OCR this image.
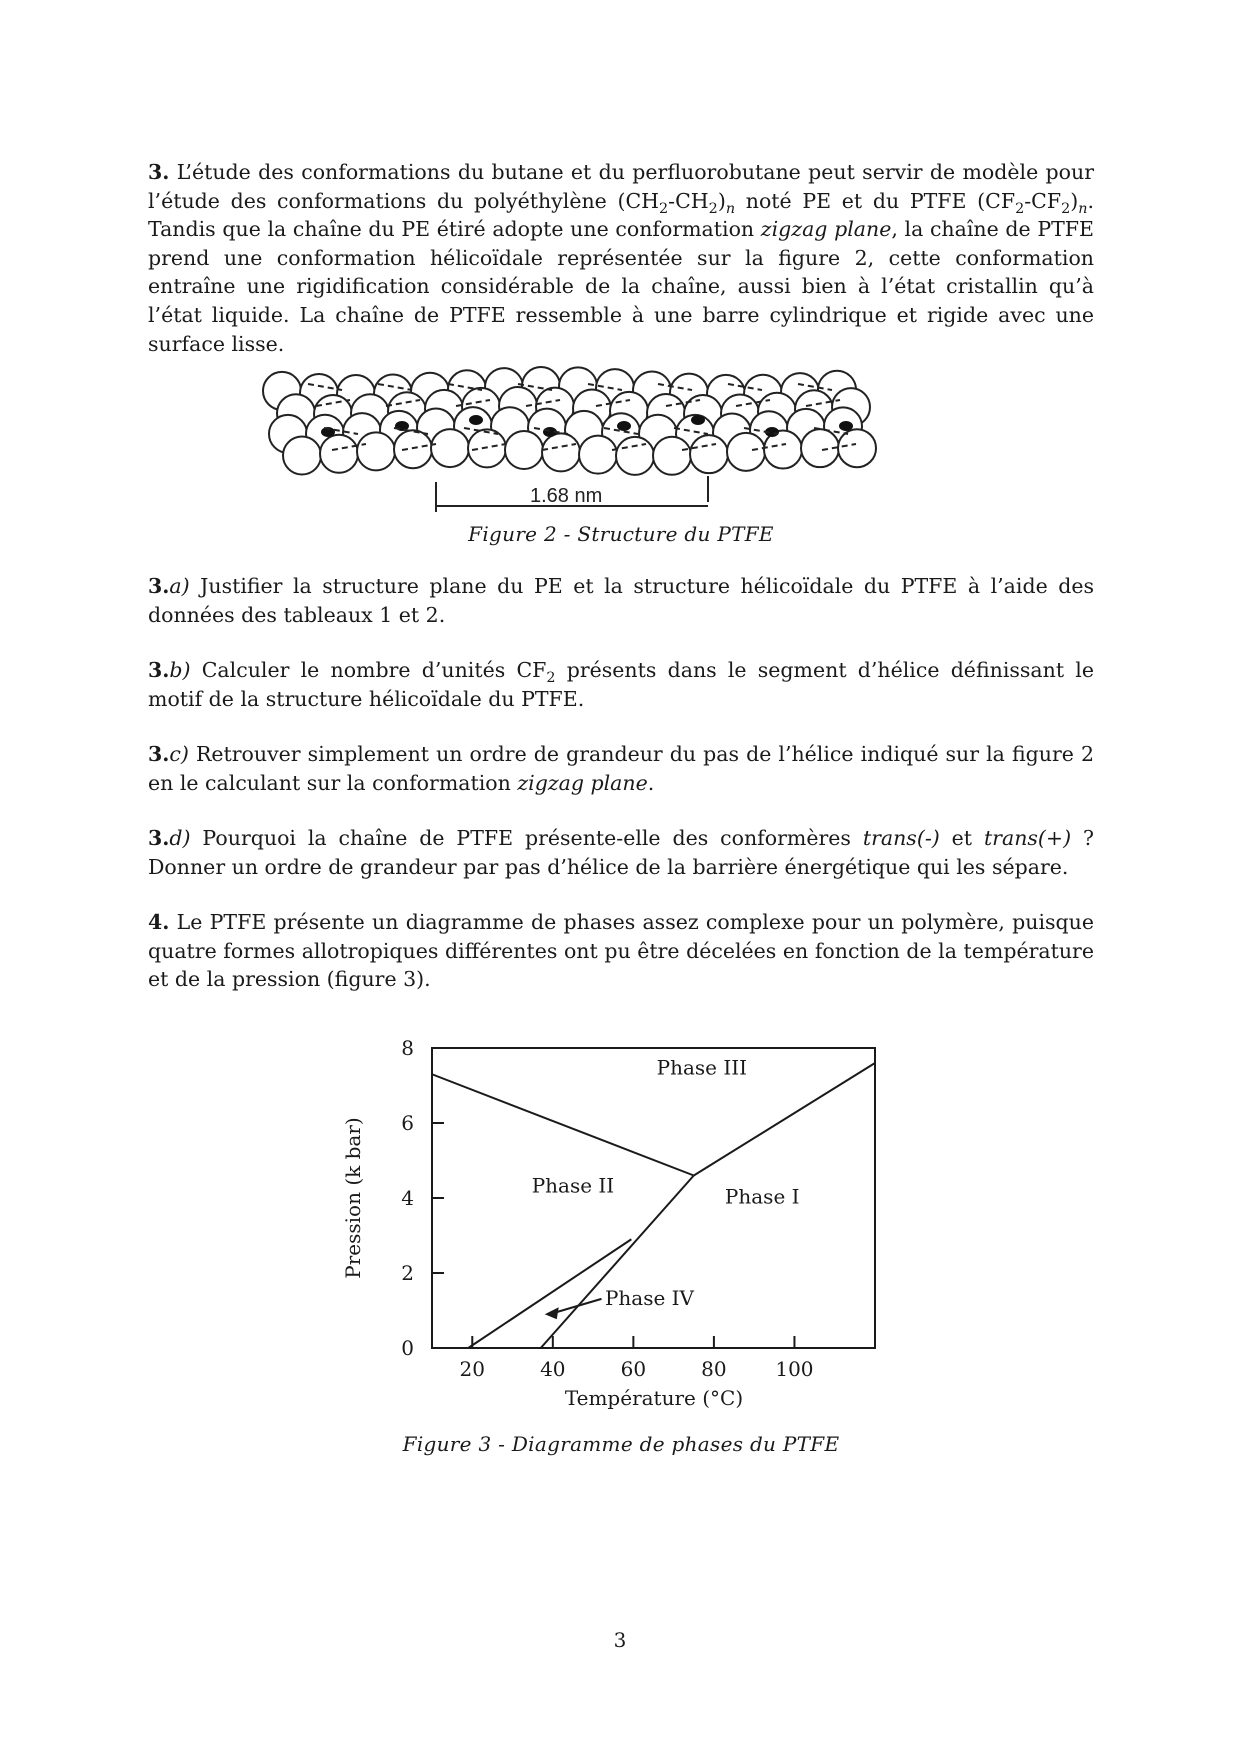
3. L’étude des conformations du butane et du perfluorobutane peut servir de modèle pour l’étude des conformations du polyéthylène $(CH_2-CH_2)_n$ noté PE et du PTFE $(CF_2-CF_2)_n$. Tandis que la chaîne du PE étiré adopte une conformation zigzag plane, la chaîne de PTFE prend une conformation hélicoïdale représentée sur la figure 2, cette conformation entraîne une rigidification considérable de la chaîne, aussi bien à l’état cristallin qu’à l’état liquide. La chaîne de PTFE ressemble à une barre cylindrique et rigide avec une surface lisse.
1.68 nm
Figure 2 - Structure du PTFE
3.a) Justifier la structure plane du PE et la structure hélicoïdale du PTFE à l’aide des données des tableaux 1 et 2.
3.b) Calculer le nombre d’unités $CF_2$ présents dans le segment d’hélice définissant le motif de la structure hélicoïdale du PTFE.
3.c) Retrouver simplement un ordre de grandeur du pas de l’hélice indiqué sur la figure 2 en le calculant sur la conformation zigzag plane.
3.d) Pourquoi la chaîne de PTFE présente-elle des conformères trans(-) et trans(+) ? Donner un ordre de grandeur par pas d’hélice de la barrière énergétique qui les sépare.
4. Le PTFE présente un diagramme de phases assez complexe pour un polymère, puisque quatre formes allotropiques différentes ont pu être décelées en fonction de la température et de la pression (figure 3).
20	40	60	80 100
0
2
4
6
8
Phase III
Phase II	Phase I
Phase IV
Pression (k bar)
Température (°C)
Figure 3 - Diagramme de phases du PTFE
3
